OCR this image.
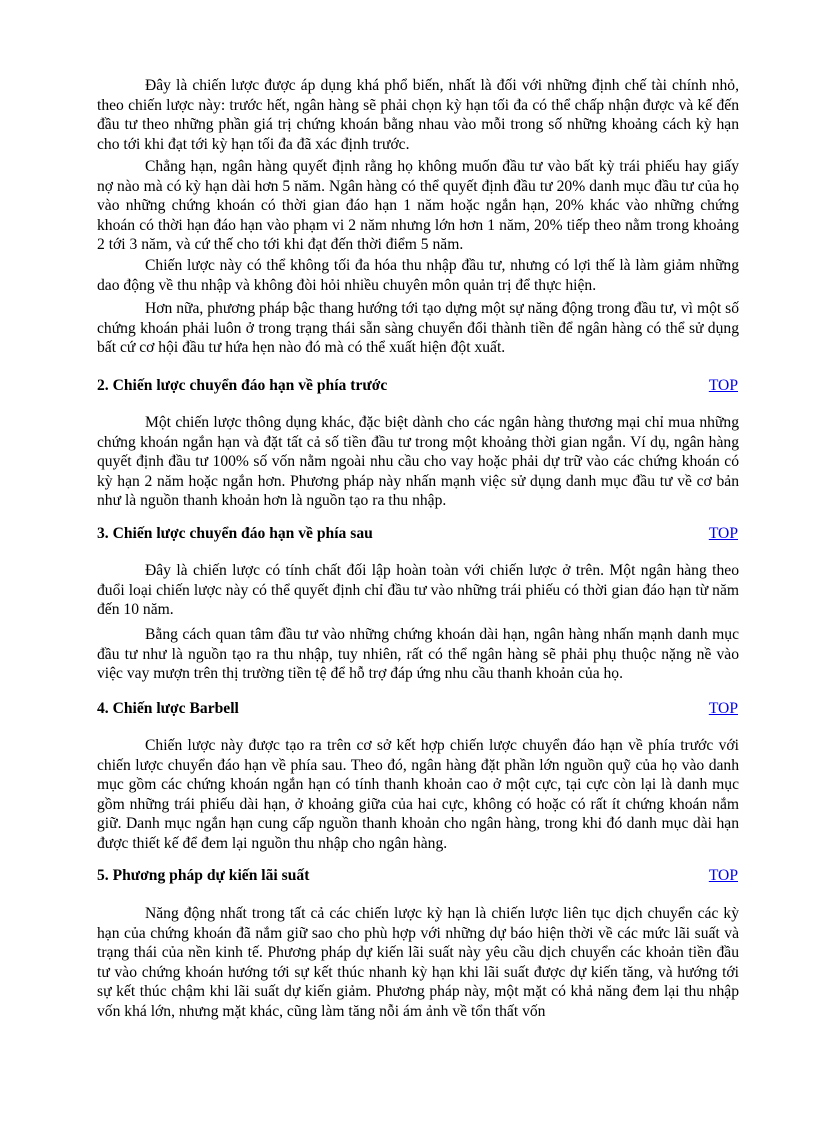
Đây là chiến lược được áp dụng khá phổ biến, nhất là đối với những định chế tài chính nhỏ, theo chiến lược này: trước hết, ngân hàng sẽ phải chọn kỳ hạn tối đa có thể chấp nhận được và kế đến đầu tư theo những phần giá trị chứng khoán bằng nhau vào mỗi trong số những khoảng cách kỳ hạn cho tới khi đạt tới kỳ hạn tối đa đã xác định trước.

Chẳng hạn, ngân hàng quyết định rằng họ không muốn đầu tư vào bất kỳ trái phiếu hay giấy nợ nào mà có kỳ hạn dài hơn 5 năm. Ngân hàng có thể quyết định đầu tư 20% danh mục đầu tư của họ vào những chứng khoán có thời gian đáo hạn 1 năm hoặc ngắn hạn, 20% khác vào những chứng khoán có thời hạn đáo hạn vào phạm vi 2 năm nhưng lớn hơn 1 năm, 20% tiếp theo nằm trong khoảng 2 tới 3 năm, và cứ thế cho tới khi đạt đến thời điểm 5 năm.

Chiến lược này có thể không tối đa hóa thu nhập đầu tư, nhưng có lợi thế là làm giảm những dao động về thu nhập và không đòi hỏi nhiều chuyên môn quản trị để thực hiện.

Hơn nữa, phương pháp bậc thang hướng tới tạo dựng một sự năng động trong đầu tư, vì một số chứng khoán phải luôn ở trong trạng thái sẵn sàng chuyển đổi thành tiền để ngân hàng có thể sử dụng bất cứ cơ hội đầu tư hứa hẹn nào đó mà có thể xuất hiện đột xuất.

2. Chiến lược chuyển đáo hạn về phía trước	TOP

Một chiến lược thông dụng khác, đặc biệt dành cho các ngân hàng thương mại chỉ mua những chứng khoán ngắn hạn và đặt tất cả số tiền đầu tư trong một khoảng thời gian ngắn. Ví dụ, ngân hàng quyết định đầu tư 100% số vốn nằm ngoài nhu cầu cho vay hoặc phải dự trữ vào các chứng khoán có kỳ hạn 2 năm hoặc ngắn hơn. Phương pháp này nhấn mạnh việc sử dụng danh mục đầu tư về cơ bản như là nguồn thanh khoản hơn là nguồn tạo ra thu nhập.

3. Chiến lược chuyển đáo hạn về phía sau	TOP

Đây là chiến lược có tính chất đối lập hoàn toàn với chiến lược ở trên. Một ngân hàng theo đuổi loại chiến lược này có thể quyết định chỉ đầu tư vào những trái phiếu có thời gian đáo hạn từ năm đến 10 năm.

Bằng cách quan tâm đầu tư vào những chứng khoán dài hạn, ngân hàng nhấn mạnh danh mục đầu tư như là nguồn tạo ra thu nhập, tuy nhiên, rất có thể ngân hàng sẽ phải phụ thuộc nặng nề vào việc vay mượn trên thị trường tiền tệ để hỗ trợ đáp ứng nhu cầu thanh khoản của họ.

4. Chiến lược Barbell	TOP

Chiến lược này được tạo ra trên cơ sở kết hợp chiến lược chuyển đáo hạn về phía trước với chiến lược chuyển đáo hạn về phía sau. Theo đó, ngân hàng đặt phần lớn nguồn quỹ của họ vào danh mục gồm các chứng khoán ngắn hạn có tính thanh khoản cao ở một cực, tại cực còn lại là danh mục gồm những trái phiếu dài hạn, ở khoảng giữa của hai cực, không có hoặc có rất ít chứng khoán nắm giữ. Danh mục ngắn hạn cung cấp nguồn thanh khoản cho ngân hàng, trong khi đó danh mục dài hạn được thiết kế để đem lại nguồn thu nhập cho ngân hàng.

5. Phương pháp dự kiến lãi suất	TOP

Năng động nhất trong tất cả các chiến lược kỳ hạn là chiến lược liên tục dịch chuyển các kỳ hạn của chứng khoán đã nắm giữ sao cho phù hợp với những dự báo hiện thời về các mức lãi suất và trạng thái của nền kinh tế. Phương pháp dự kiến lãi suất này yêu cầu dịch chuyển các khoản tiền đầu tư vào chứng khoán hướng tới sự kết thúc nhanh kỳ hạn khi lãi suất được dự kiến tăng, và hướng tới sự kết thúc chậm khi lãi suất dự kiến giảm. Phương pháp này, một mặt có khả năng đem lại thu nhập vốn khá lớn, nhưng mặt khác, cũng làm tăng nỗi ám ảnh về tổn thất vốn
